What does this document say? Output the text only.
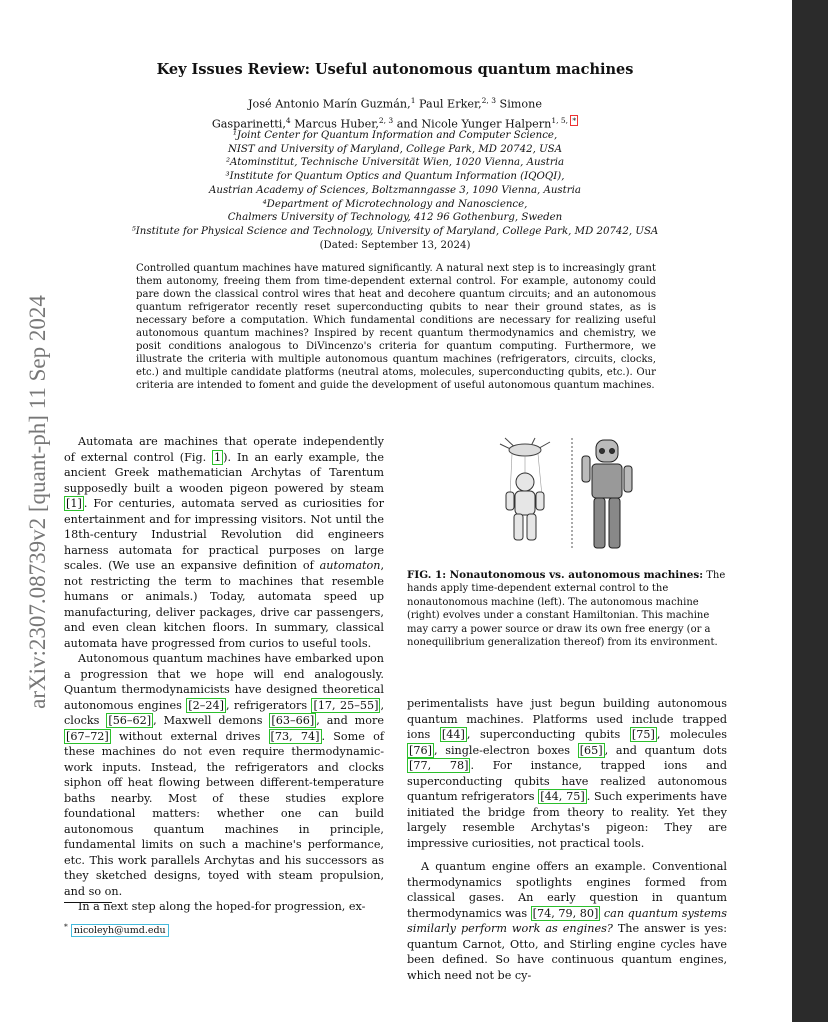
arXiv:2307.08739v2 [quant-ph] 11 Sep 2024
Key Issues Review: Useful autonomous quantum machines
José Antonio Marín Guzmán,$^1$ Paul Erker,$^{2, 3}$ Simone
Gasparinetti,$^4$ Marcus Huber,$^{2, 3}$ and Nicole Yunger Halpern$^{1, 5,}$ *
¹Joint Center for Quantum Information and Computer Science,
NIST and University of Maryland, College Park, MD 20742, USA
²Atominstitut, Technische Universität Wien, 1020 Vienna, Austria
³Institute for Quantum Optics and Quantum Information (IQOQI),
Austrian Academy of Sciences, Boltzmanngasse 3, 1090 Vienna, Austria
⁴Department of Microtechnology and Nanoscience,
Chalmers University of Technology, 412 96 Gothenburg, Sweden
⁵Institute for Physical Science and Technology, University of Maryland, College Park, MD 20742, USA
(Dated: September 13, 2024)
Controlled quantum machines have matured significantly. A natural next step is to increasingly grant them autonomy, freeing them from time-dependent external control. For example, autonomy could pare down the classical control wires that heat and decohere quantum circuits; and an autonomous quantum refrigerator recently reset superconducting qubits to near their ground states, as is necessary before a computation. Which fundamental conditions are necessary for realizing useful autonomous quantum machines? Inspired by recent quantum thermodynamics and chemistry, we posit conditions analogous to DiVincenzo's criteria for quantum computing. Furthermore, we illustrate the criteria with multiple autonomous quantum machines (refrigerators, circuits, clocks, etc.) and multiple candidate platforms (neutral atoms, molecules, superconducting qubits, etc.). Our criteria are intended to foment and guide the development of useful autonomous quantum machines.

Automata are machines that operate independently of external control (Fig. 1 ). In an early example, the ancient Greek mathematician Archytas of Tarentum supposedly built a wooden pigeon powered by steam [1] . For centuries, automata served as curiosities for entertainment and for impressing visitors. Not until the 18th-century Industrial Revolution did engineers harness automata for practical purposes on large scales. (We use an expansive definition of automaton, not restricting the term to machines that resemble humans or animals.) Today, automata speed up manufacturing, deliver packages, drive car passengers, and even clean kitchen floors. In summary, classical automata have progressed from curios to useful tools.

Autonomous quantum machines have embarked upon a progression that we hope will end analogously. Quantum thermodynamicists have designed theoretical autonomous engines [2–24] , refrigerators [17, 25–55] , clocks [56–62] , Maxwell demons [63–66] , and more [67–72] without external drives [73, 74] . Some of these machines do not even require thermodynamic-work inputs. Instead, the refrigerators and clocks siphon off heat flowing between different-temperature baths nearby. Most of these studies explore foundational matters: whether one can build autonomous quantum machines in principle, fundamental limits on such a machine's performance, etc. This work parallels Archytas and his successors as they sketched designs, toyed with steam propulsion, and so on.

In a next step along the hoped-for progression, ex-

FIG. 1: Nonautonomous vs. autonomous machines: The hands apply time-dependent external control to the nonautonomous machine (left). The autonomous machine (right) evolves under a constant Hamiltonian. This machine may carry a power source or draw its own free energy (or a nonequilibrium generalization thereof) from its environment.

perimentalists have just begun building autonomous quantum machines. Platforms used include trapped ions [44] , superconducting qubits [75] , molecules [76] , single-electron boxes [65] , and quantum dots [77, 78] . For instance, trapped ions and superconducting qubits have realized autonomous quantum refrigerators [44, 75] . Such experiments have initiated the bridge from theory to reality. Yet they largely resemble Archytas's pigeon: They are impressive curiosities, not practical tools.

A quantum engine offers an example. Conventional thermodynamics spotlights engines formed from classical gases. An early question in quantum thermodynamics was [74, 79, 80] can quantum systems similarly perform work as engines? The answer is yes: quantum Carnot, Otto, and Stirling engine cycles have been defined. So have continuous quantum engines, which need not be cy-

* nicoleyh@umd.edu
